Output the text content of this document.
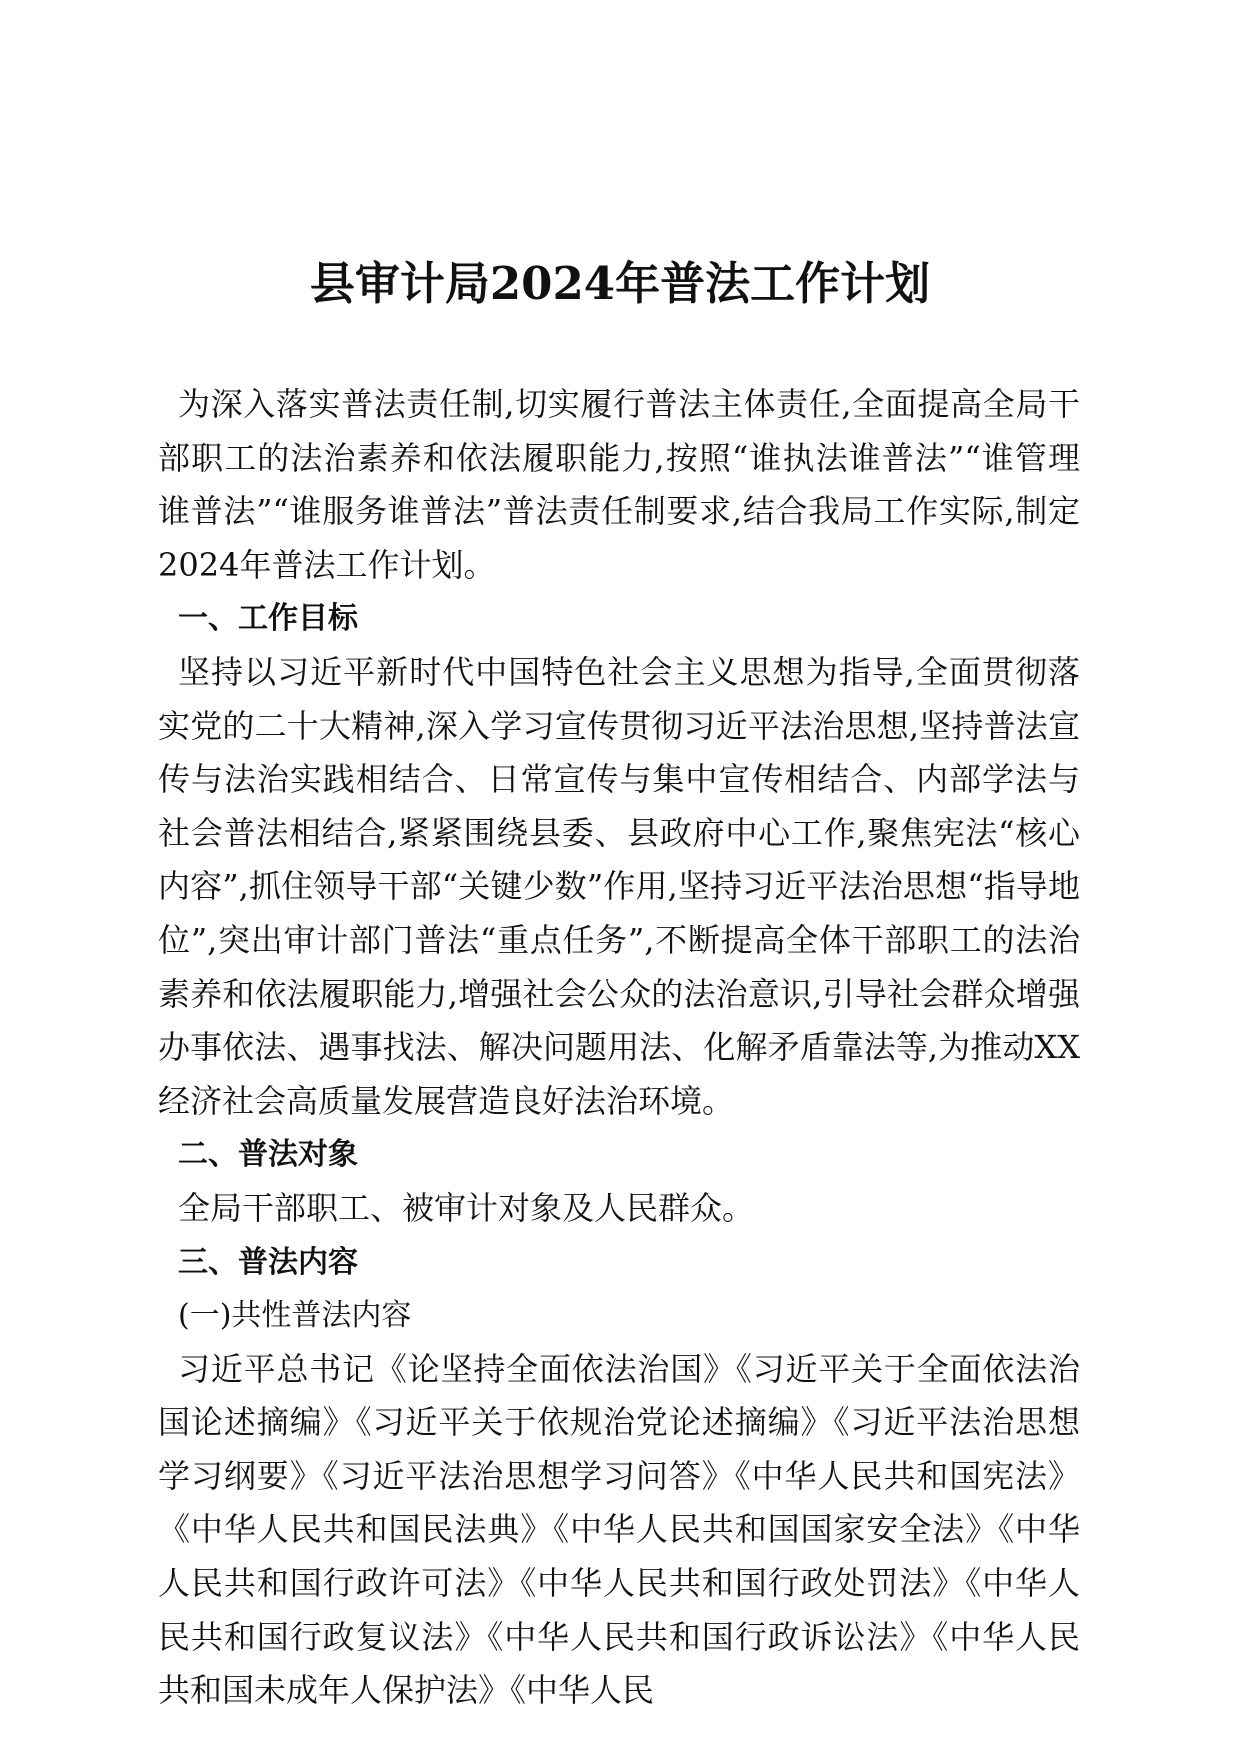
县审计局2024年普法工作计划

为深入落实普法责任制,切实履行普法主体责任,全面提高全局干部职工的法治素养和依法履职能力,按照“谁执法谁普法”“谁管理谁普法”“谁服务谁普法”普法责任制要求,结合我局工作实际,制定2024年普法工作计划。

一、工作目标

坚持以习近平新时代中国特色社会主义思想为指导,全面贯彻落实党的二十大精神,深入学习宣传贯彻习近平法治思想,坚持普法宣传与法治实践相结合、日常宣传与集中宣传相结合、内部学法与社会普法相结合,紧紧围绕县委、县政府中心工作,聚焦宪法“核心内容”,抓住领导干部“关键少数”作用,坚持习近平法治思想“指导地位”,突出审计部门普法“重点任务”,不断提高全体干部职工的法治素养和依法履职能力,增强社会公众的法治意识,引导社会群众增强办事依法、遇事找法、解决问题用法、化解矛盾靠法等,为推动XX经济社会高质量发展营造良好法治环境。

二、普法对象

全局干部职工、被审计对象及人民群众。

三、普法内容

(一)共性普法内容

习近平总书记《论坚持全面依法治国》《习近平关于全面依法治国论述摘编》《习近平关于依规治党论述摘编》《习近平法治思想学习纲要》《习近平法治思想学习问答》《中华人民共和国宪法》《中华人民共和国民法典》《中华人民共和国国家安全法》《中华人民共和国行政许可法》《中华人民共和国行政处罚法》《中华人民共和国行政复议法》《中华人民共和国行政诉讼法》《中华人民共和国未成年人保护法》《中华人民
